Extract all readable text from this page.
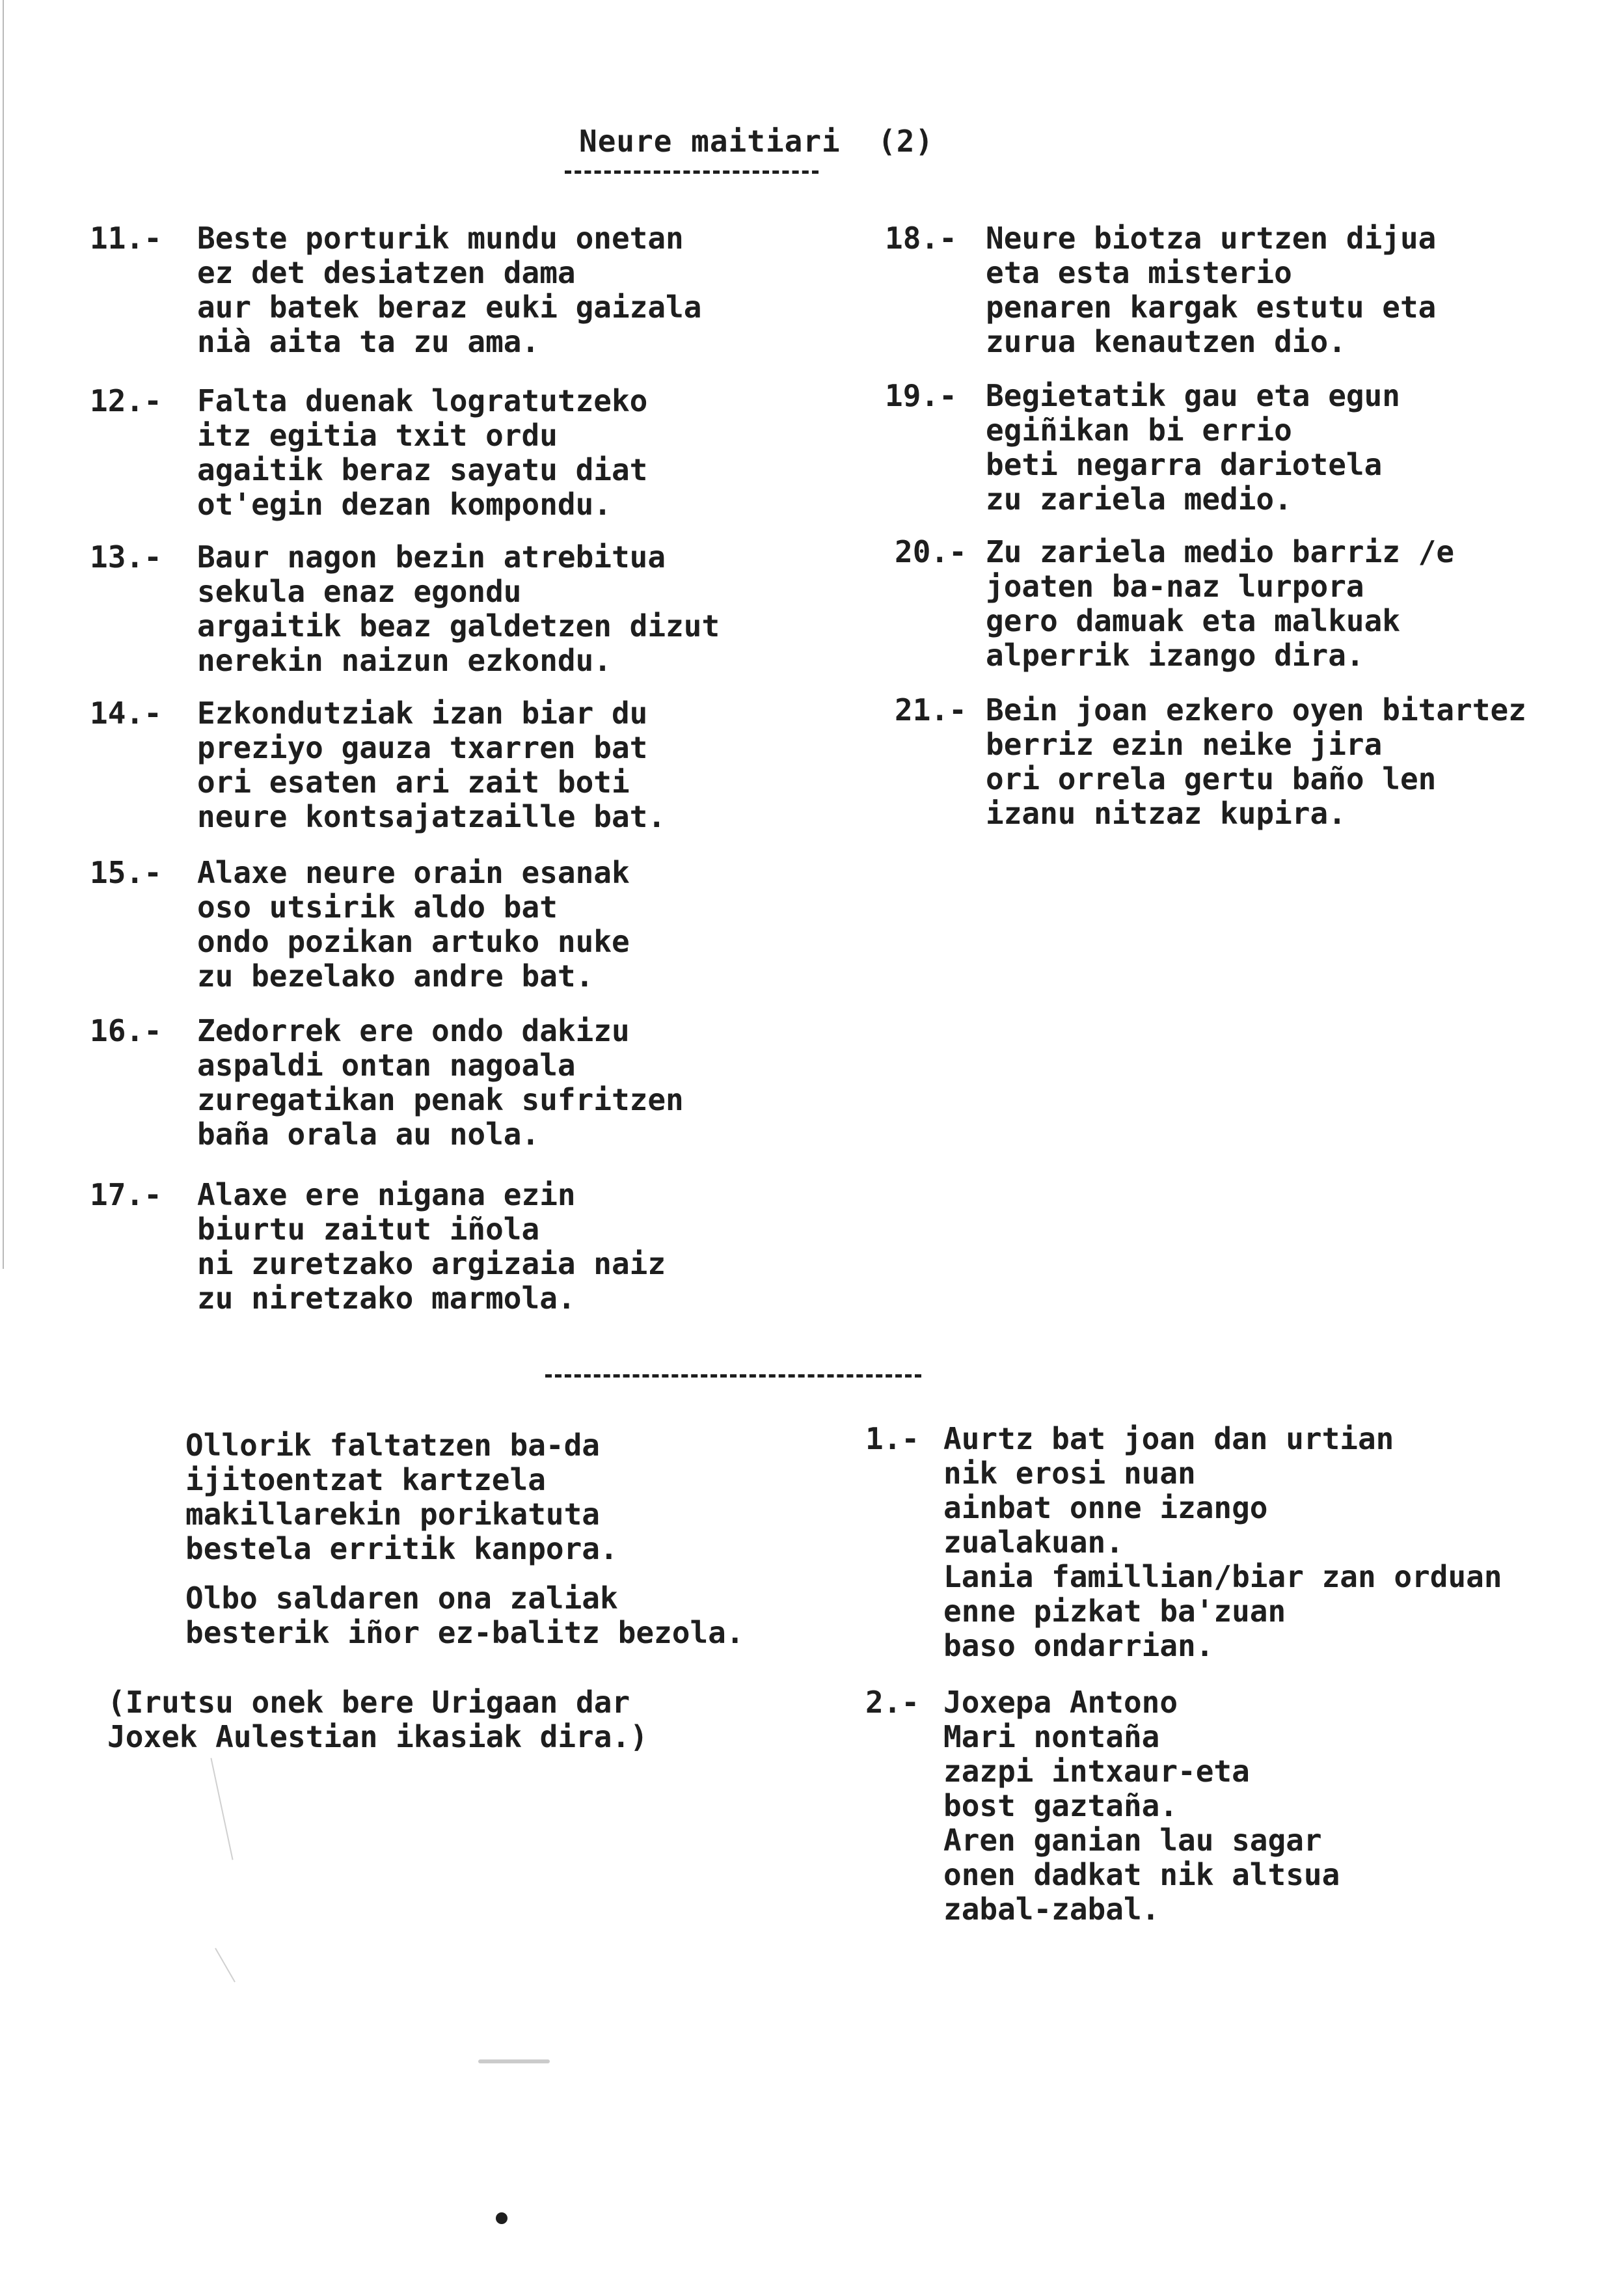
Neure maitiari  (2)
11.- Beste porturik mundu onetan
ez det desiatzen dama
aur batek beraz euki gaizala
nià aita ta zu ama.
12.- Falta duenak logratutzeko
itz egitia txit ordu
agaitik beraz sayatu diat
ot'egin dezan kompondu.
13.- Baur nagon bezin atrebitua
sekula enaz egondu
argaitik beaz galdetzen dizut
nerekin naizun ezkondu.
14.- Ezkondutziak izan biar du
preziyo gauza txarren bat
ori esaten ari zait boti
neure kontsajatzaille bat.
15.- Alaxe neure orain esanak
oso utsirik aldo bat
ondo pozikan artuko nuke
zu bezelako andre bat.
16.- Zedorrek ere ondo dakizu
aspaldi ontan nagoala
zuregatikan penak sufritzen
baña orala au nola.
17.- Alaxe ere nigana ezin
biurtu zaitut iñola
ni zuretzako argizaia naiz
zu niretzako marmola.
18.- Neure biotza urtzen dijua
eta esta misterio
penaren kargak estutu eta
zurua kenautzen dio.
19.- Begietatik gau eta egun
egiñikan bi errio
beti negarra dariotela
zu zariela medio.
20.- Zu zariela medio barriz /e
joaten ba-naz lurpora
gero damuak eta malkuak
alperrik izango dira.
21.- Bein joan ezkero oyen bitartez
berriz ezin neike jira
ori orrela gertu baño len
izanu nitzaz kupira.
Ollorik faltatzen ba-da
ijitoentzat kartzela
makillarekin porikatuta
bestela erritik kanpora.
Olbo saldaren ona zaliak
besterik iñor ez-balitz bezola.
(Irutsu onek bere Urigaan dar
Joxek Aulestian ikasiak dira.)
1.- Aurtz bat joan dan urtian
nik erosi nuan
ainbat onne izango
zualakuan.
Lania famillian/biar zan orduan
enne pizkat ba'zuan
baso ondarrian.
2.- Joxepa Antono
Mari nontaña
zazpi intxaur-eta
bost gaztaña.
Aren ganian lau sagar
onen dadkat nik altsua
zabal-zabal.
